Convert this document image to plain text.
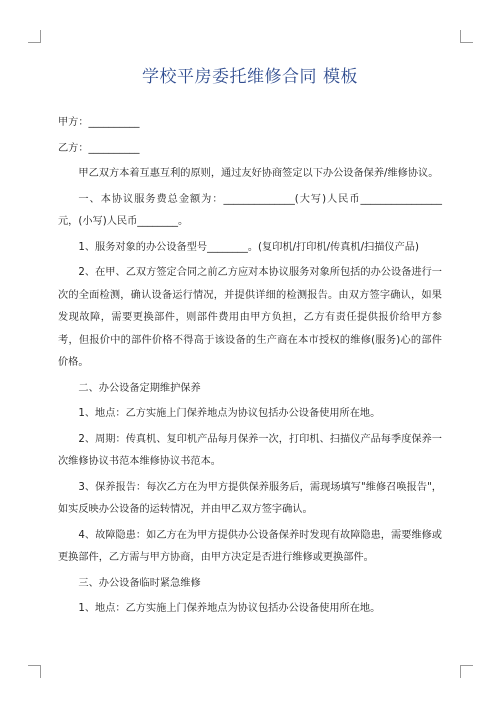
学校平房委托维修合同 模板

甲方：__________

乙方：__________

甲乙双方本着互惠互利的原则，通过友好协商签定以下办公设备保养/维修协议。

一、本协议服务费总金额为：______________(大写)人民币________________元，(小写)人民币________。

1、服务对象的办公设备型号________。(复印机/打印机/传真机/扫描仪产品)

2、在甲、乙双方签定合同之前乙方应对本协议服务对象所包括的办公设备进行一次的全面检测，确认设备运行情况，并提供详细的检测报告。由双方签字确认，如果发现故障，需要更换部件，则部件费用由甲方负担，乙方有责任提供报价给甲方参考，但报价中的部件价格不得高于该设备的生产商在本市授权的维修(服务)心的部件价格。

二、办公设备定期维护保养

1、地点：乙方实施上门保养地点为协议包括办公设备使用所在地。

2、周期：传真机、复印机产品每月保养一次，打印机、扫描仪产品每季度保养一次维修协议书范本维修协议书范本。

3、保养报告：每次乙方在为甲方提供保养服务后，需现场填写"维修召唤报告"，如实反映办公设备的运转情况，并由甲乙双方签字确认。

4、故障隐患：如乙方在为甲方提供办公设备保养时发现有故障隐患，需要维修或更换部件，乙方需与甲方协商，由甲方决定是否进行维修或更换部件。

三、办公设备临时紧急维修

1、地点：乙方实施上门保养地点为协议包括办公设备使用所在地。
